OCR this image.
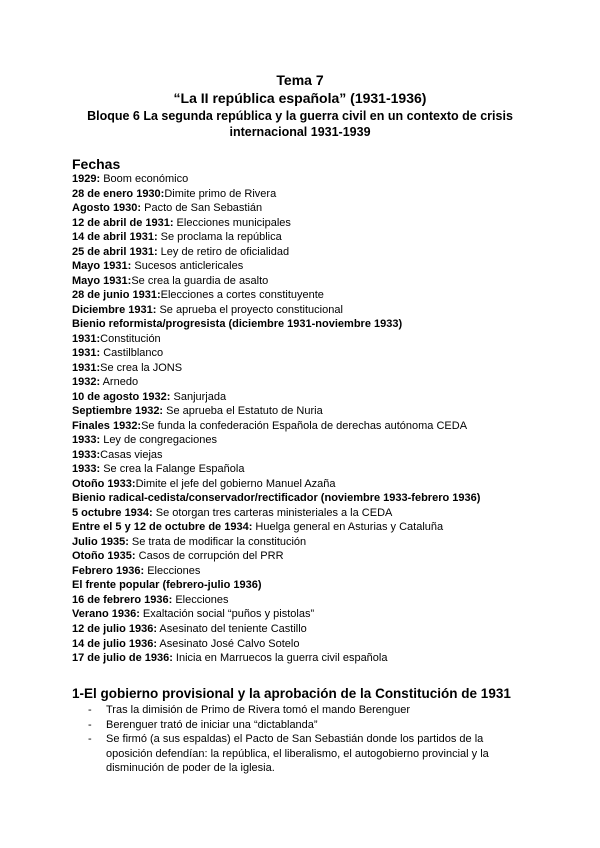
Tema 7
“La II república española” (1931-1936)
Bloque 6 La segunda república y la guerra civil en un contexto de crisis internacional 1931-1939
Fechas
1929: Boom económico
28 de enero 1930:Dimite primo de Rivera
Agosto 1930: Pacto de San Sebastián
12 de abril de 1931: Elecciones municipales
14 de abril 1931: Se proclama la república
25 de abril 1931: Ley de retiro de oficialidad
Mayo 1931: Sucesos anticlericales
Mayo 1931:Se crea la guardia de asalto
28 de junio 1931:Elecciones a cortes constituyente
Diciembre 1931: Se aprueba el proyecto constitucional
Bienio reformista/progresista (diciembre 1931-noviembre 1933)
1931:Constitución
1931: Castilblanco
1931:Se crea la JONS
1932: Arnedo
10 de agosto 1932: Sanjurjada
Septiembre 1932: Se aprueba el Estatuto de Nuria
Finales 1932:Se funda la confederación Española de derechas autónoma CEDA
1933: Ley de congregaciones
1933:Casas viejas
1933: Se crea la Falange Española
Otoño 1933:Dimite el jefe del gobierno Manuel Azaña
Bienio radical-cedista/conservador/rectificador (noviembre 1933-febrero 1936)
5 octubre 1934: Se otorgan tres carteras ministeriales a la CEDA
Entre el 5 y 12 de octubre de 1934: Huelga general en Asturias y Cataluña
Julio 1935: Se trata de modificar la constitución
Otoño 1935: Casos de corrupción del PRR
Febrero 1936: Elecciones
El frente popular (febrero-julio 1936)
16 de febrero 1936: Elecciones
Verano 1936: Exaltación social “puños y pistolas”
12 de julio 1936: Asesinato del teniente Castillo
14 de julio 1936: Asesinato José Calvo Sotelo
17 de julio de 1936: Inicia en Marruecos la guerra civil española
1-El gobierno provisional y la aprobación de la Constitución de 1931
- Tras la dimisión de Primo de Rivera tomó el mando Berenguer
- Berenguer trató de iniciar una “dictablanda”
- Se firmó (a sus espaldas) el Pacto de San Sebastián donde los partidos de la oposición defendían: la república, el liberalismo, el autogobierno provincial y la disminución de poder de la iglesia.
